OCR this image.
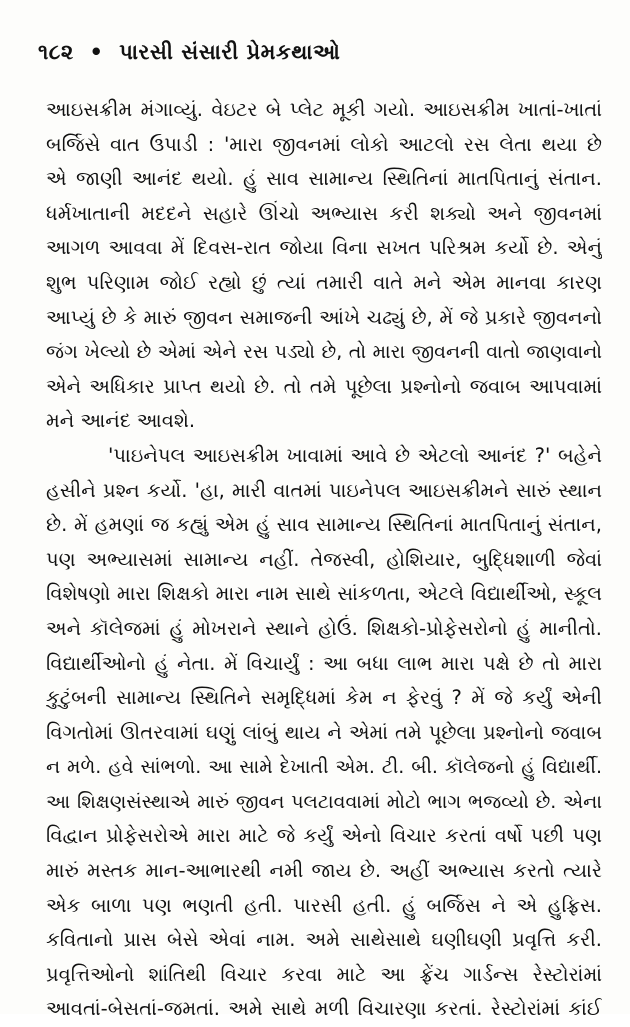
૧૮૨ • પારસી સંસારી પ્રેમકથાઓ
આઇસક્રીમ મંગાવ્યું. વેઇટર બે પ્લેટ મૂકી ગયો. આઇસક્રીમ ખાતાં-ખાતાં
બર્જિસે વાત ઉપાડી : 'મારા જીવનમાં લોકો આટલો રસ લેતા થયા છે
એ જાણી આનંદ થયો. હું સાવ સામાન્ય સ્થિતિનાં માતપિતાનું સંતાન.
ધર્મખાતાની મદદને સહારે ઊંચો અભ્યાસ કરી શક્યો અને જીવનમાં
આગળ આવવા મેં દિવસ-રાત જોયા વિના સખત પરિશ્રમ કર્યો છે. એનું
શુભ પરિણામ જોઈ રહ્યો છું ત્યાં તમારી વાતે મને એમ માનવા કારણ
આપ્યું છે કે મારું જીવન સમાજની આંખે ચઢ્યું છે, મેં જે પ્રકારે જીવનનો
જંગ ખેલ્યો છે એમાં એને રસ પડ્યો છે, તો મારા જીવનની વાતો જાણવાનો
એને અધિકાર પ્રાપ્ત થયો છે. તો તમે પૂછેલા પ્રશ્નોનો જવાબ આપવામાં
મને આનંદ આવશે.
'પાઇનેપલ આઇસક્રીમ ખાવામાં આવે છે એટલો આનંદ ?' બહેને
હસીને પ્રશ્ન કર્યો. 'હા, મારી વાતમાં પાઇનેપલ આઇસક્રીમને સારું સ્થાન
છે. મેં હમણાં જ કહ્યું એમ હું સાવ સામાન્ય સ્થિતિનાં માતપિતાનું સંતાન,
પણ અભ્યાસમાં સામાન્ય નહીં. તેજસ્વી, હોશિયાર, બુદ્ધિશાળી જેવાં
વિશેષણો મારા શિક્ષકો મારા નામ સાથે સાંકળતા, એટલે વિદ્યાર્થીઓ, સ્કૂલ
અને કૉલેજમાં હું મોખરાને સ્થાને હોઉં. શિક્ષકો-પ્રોફેસરોનો હું માનીતો.
વિદ્યાર્થીઓનો હું નેતા. મેં વિચાર્યું : આ બધા લાભ મારા પક્ષે છે તો મારા
કુટુંબની સામાન્ય સ્થિતિને સમૃદ્ધિમાં કેમ ન ફેરવું ? મેં જે કર્યું એની
વિગતોમાં ઊતરવામાં ઘણું લાંબું થાય ને એમાં તમે પૂછેલા પ્રશ્નોનો જવાબ
ન મળે. હવે સાંભળો. આ સામે દેખાતી એમ. ટી. બી. કૉલેજનો હું વિદ્યાર્થી.
આ શિક્ષણસંસ્થાએ મારું જીવન પલટાવવામાં મોટો ભાગ ભજવ્યો છે. એના
વિદ્વાન પ્રોફેસરોએ મારા માટે જે કર્યું એનો વિચાર કરતાં વર્ષો પછી પણ
મારું મસ્તક માન-આભારથી નમી જાય છે. અહીં અભ્યાસ કરતો ત્યારે
એક બાળા પણ ભણતી હતી. પારસી હતી. હું બર્જિસ ને એ હુફ્રિસ.
કવિતાનો પ્રાસ બેસે એવાં નામ. અમે સાથેસાથે ઘણીઘણી પ્રવૃત્તિ કરી.
પ્રવૃત્તિઓનો શાંતિથી વિચાર કરવા માટે આ ફ્રેંચ ગાર્ડન્સ રેસ્ટોરાંમાં
આવતાં-બેસતાં-જમતાં. અમે સાથે મળી વિચારણા કરતાં. રેસ્ટોરાંમાં કાંઈ
